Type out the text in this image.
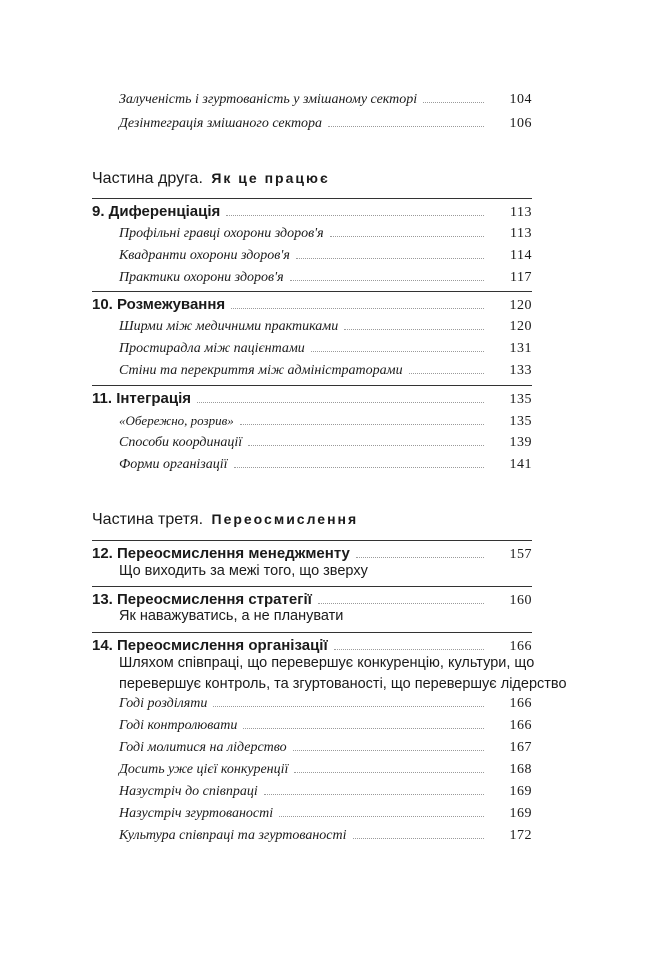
Залученість і згуртованість у змішаному секторі	104
Дезінтеграція змішаного сектора	106
Частина друга. Як це працює
9. Диференціація	113
Профільні гравці охорони здоров'я	113
Квадранти охорони здоров'я	114
Практики охорони здоров'я	117
10. Розмежування	120
Ширми між медичними практиками	120
Простирадла між пацієнтами	131
Стіни та перекриття між адміністраторами	133
11. Інтеграція	135
«Обережно, розрив»	135
Способи координації	139
Форми організації	141
Частина третя. Переосмислення
12. Переосмислення менеджменту	157
Що виходить за межі того, що зверху
13. Переосмислення стратегії	160
Як наважуватись, а не планувати
14. Переосмислення організації	166
Шляхом співпраці, що перевершує конкуренцію, культури, що
перевершує контроль, та згуртованості, що перевершує лідерство
Годі розділяти	166
Годі контролювати	166
Годі молитися на лідерство	167
Досить уже цієї конкуренції	168
Назустріч до співпраці	169
Назустріч згуртованості	169
Культура співпраці та згуртованості	172
